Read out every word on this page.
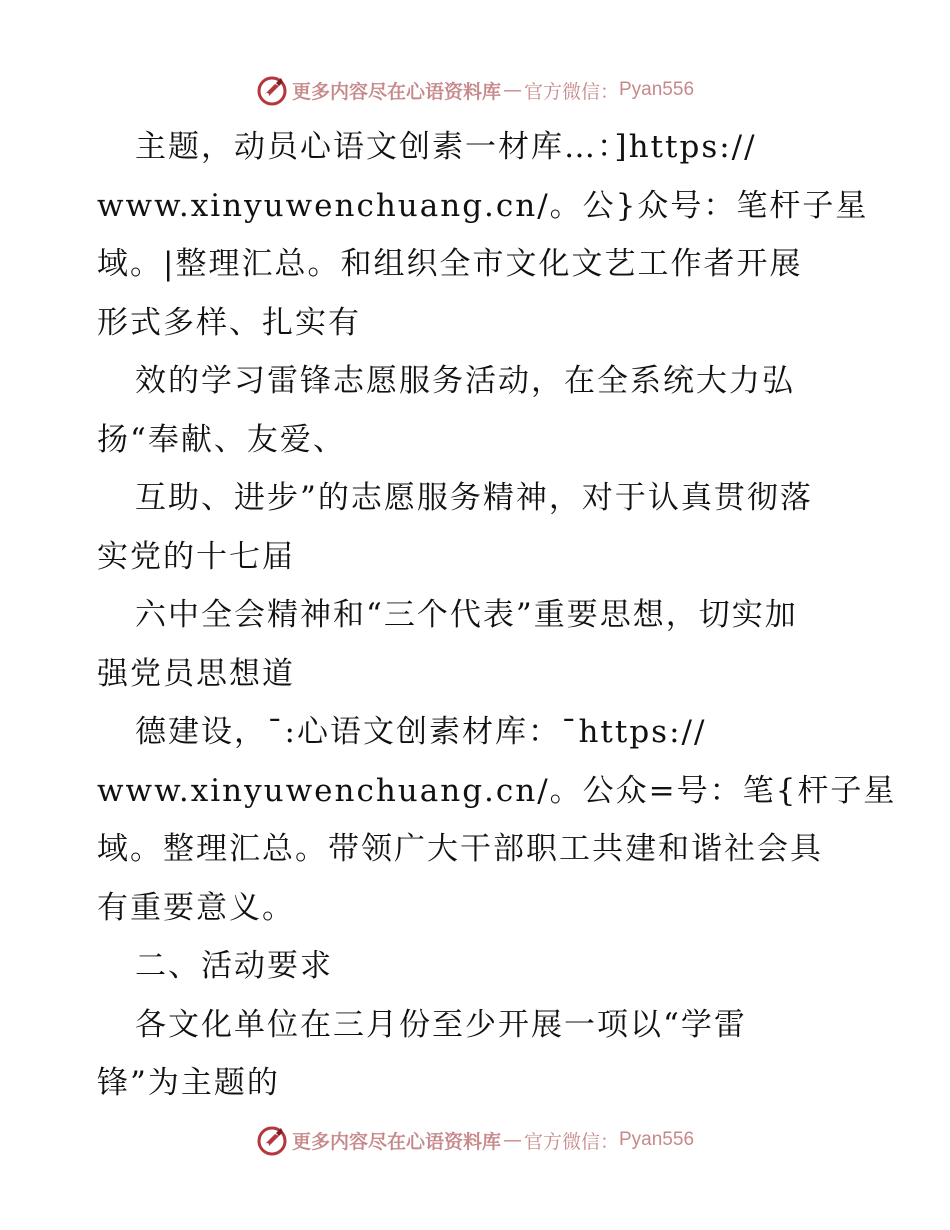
更多内容尽在心语资料库 — 官方微信： Pyan556
主题，动员心语文创素一材库…：]https://
www.xinyuwenchuang.cn/。公}众号：笔杆子星
域。|整理汇总。和组织全市文化文艺工作者开展
形式多样、扎实有
效的学习雷锋志愿服务活动，在全系统大力弘
扬“奉献、友爱、
互助、进步”的志愿服务精神，对于认真贯彻落
实党的十七届
六中全会精神和“三个代表”重要思想，切实加
强党员思想道
德建设，¯:心语文创素材库：¯https://
www.xinyuwenchuang.cn/。公众=号：笔{杆子星
域。整理汇总。带领广大干部职工共建和谐社会具
有重要意义。
二、活动要求
各文化单位在三月份至少开展一项以“学雷
锋”为主题的
更多内容尽在心语资料库 — 官方微信： Pyan556
